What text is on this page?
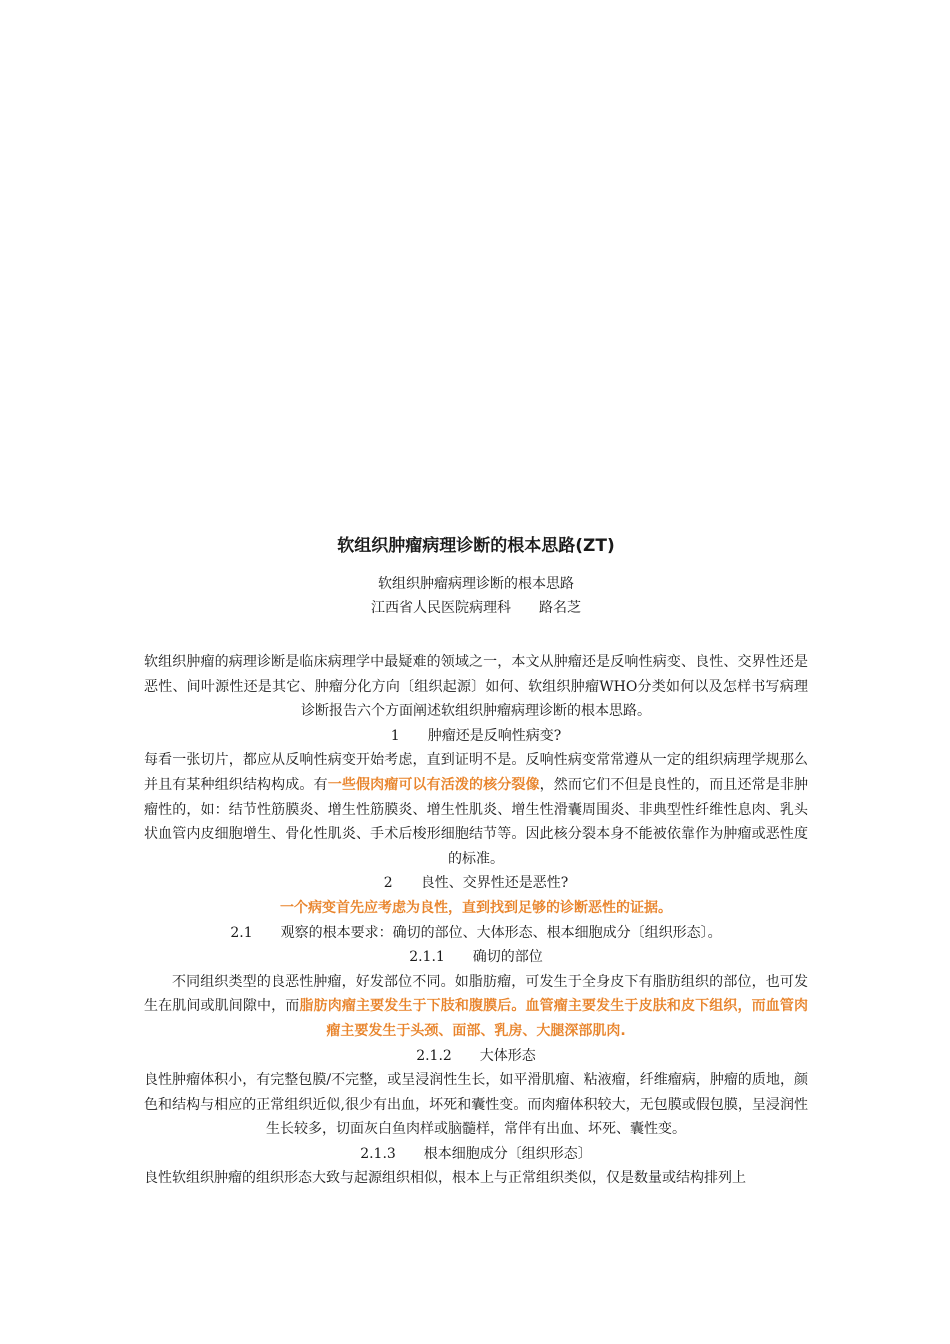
软组织肿瘤病理诊断的根本思路(ZT)
软组织肿瘤病理诊断的根本思路
江西省人民医院病理科　　路名芝

软组织肿瘤的病理诊断是临床病理学中最疑难的领域之一，本文从肿瘤还是反响性病变、良性、交界性还是恶性、间叶源性还是其它、肿瘤分化方向〔组织起源〕如何、软组织肿瘤WHO分类如何以及怎样书写病理诊断报告六个方面阐述软组织肿瘤病理诊断的根本思路。

1　　肿瘤还是反响性病变?

每看一张切片，都应从反响性病变开始考虑，直到证明不是。反响性病变常常遵从一定的组织病理学规那么并且有某种组织结构构成。有一些假肉瘤可以有活泼的核分裂像，然而它们不但是良性的，而且还常是非肿瘤性的，如：结节性筋膜炎、增生性筋膜炎、增生性肌炎、增生性滑囊周围炎、非典型性纤维性息肉、乳头状血管内皮细胞增生、骨化性肌炎、手术后梭形细胞结节等。因此核分裂本身不能被依靠作为肿瘤或恶性度的标准。

2　　良性、交界性还是恶性?

一个病变首先应考虑为良性，直到找到足够的诊断恶性的证据。

2.1　　观察的根本要求：确切的部位、大体形态、根本细胞成分〔组织形态〕。

2.1.1　　确切的部位

不同组织类型的良恶性肿瘤，好发部位不同。如脂肪瘤，可发生于全身皮下有脂肪组织的部位，也可发生在肌间或肌间隙中，而脂肪肉瘤主要发生于下肢和腹膜后。血管瘤主要发生于皮肤和皮下组织，而血管肉瘤主要发生于头颈、面部、乳房、大腿深部肌肉.

2.1.2　　大体形态

良性肿瘤体积小，有完整包膜/不完整，或呈浸润性生长，如平滑肌瘤、粘液瘤，纤维瘤病，肿瘤的质地，颜色和结构与相应的正常组织近似,很少有出血，坏死和囊性变。而肉瘤体积较大，无包膜或假包膜，呈浸润性生长较多，切面灰白鱼肉样或脑髓样，常伴有出血、坏死、囊性变。

2.1.3　　根本细胞成分〔组织形态〕

良性软组织肿瘤的组织形态大致与起源组织相似，根本上与正常组织类似，仅是数量或结构排列上
